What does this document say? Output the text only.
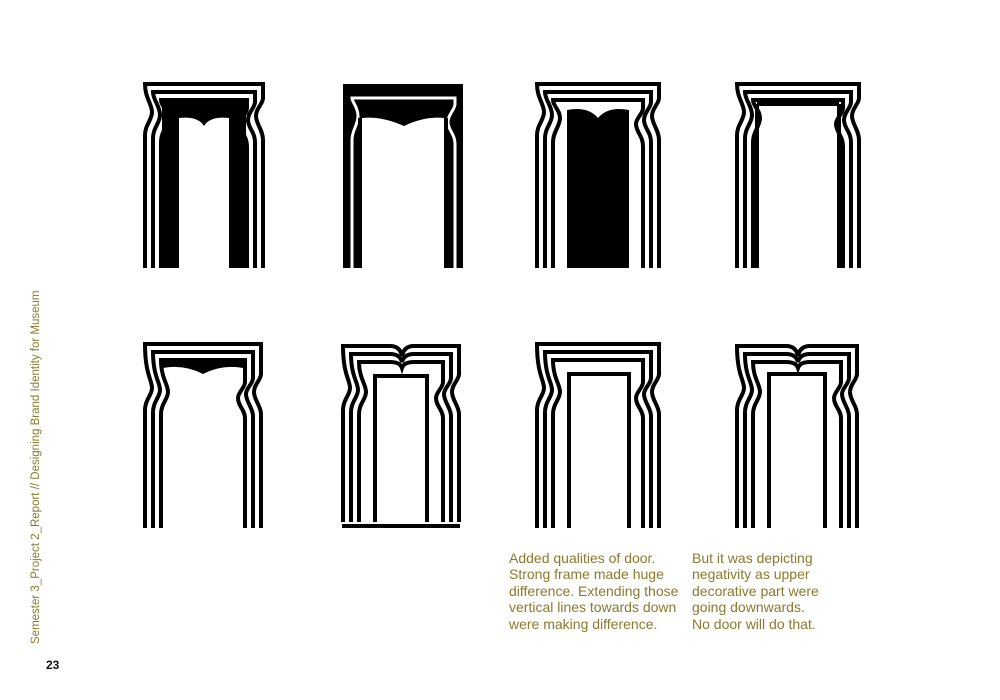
Semester 3_Project 2_Report // Designing Brand Identity for Museum
23
Added qualities of door.
Strong frame made huge
difference. Extending those
vertical lines towards down
were making difference.
But it was depicting
negativity as upper
decorative part were
going downwards.
No door will do that.
